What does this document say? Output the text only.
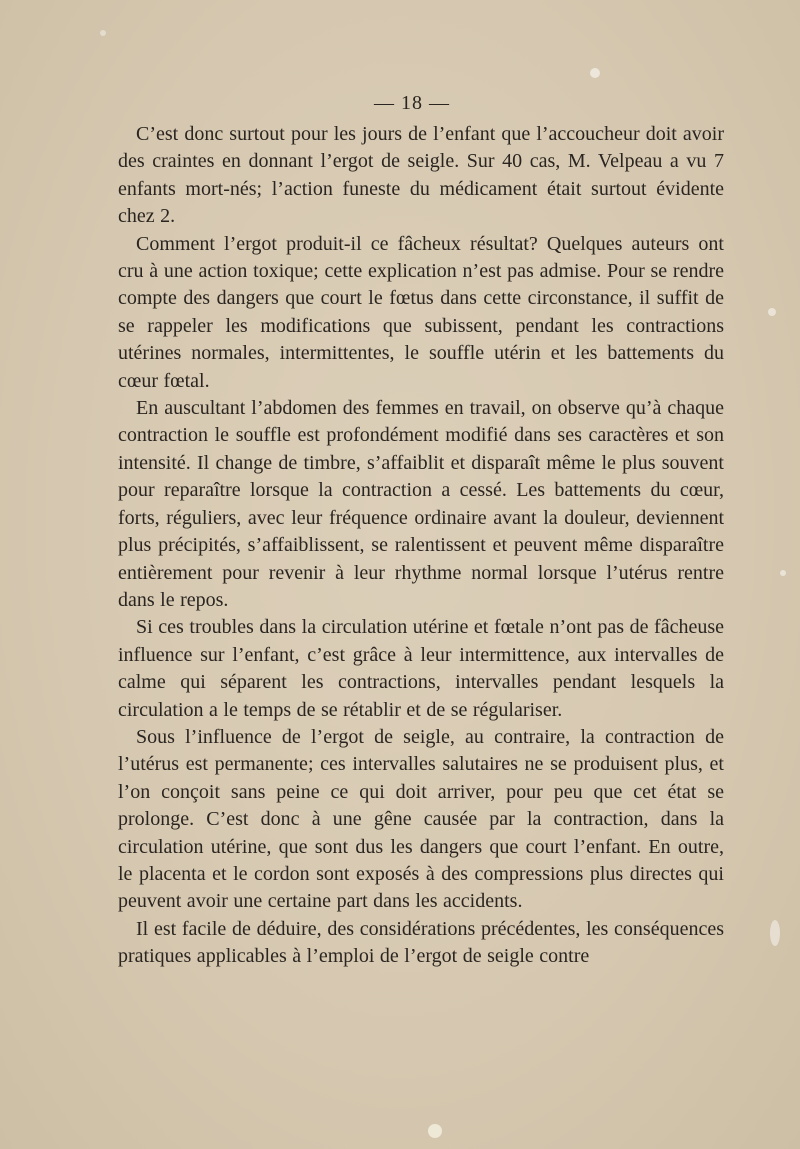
— 18 —

C’est donc surtout pour les jours de l’enfant que l’accoucheur doit avoir des craintes en donnant l’ergot de seigle. Sur 40 cas, M. Velpeau a vu 7 enfants mort-nés; l’action funeste du médicament était surtout évidente chez 2.

Comment l’ergot produit-il ce fâcheux résultat? Quelques auteurs ont cru à une action toxique; cette explication n’est pas admise. Pour se rendre compte des dangers que court le fœtus dans cette circonstance, il suffit de se rappeler les modifications que subissent, pendant les contractions utérines normales, intermittentes, le souffle utérin et les battements du cœur fœtal.

En auscultant l’abdomen des femmes en travail, on observe qu’à chaque contraction le souffle est profondément modifié dans ses caractères et son intensité. Il change de timbre, s’affaiblit et disparaît même le plus souvent pour reparaître lorsque la contraction a cessé. Les battements du cœur, forts, réguliers, avec leur fréquence ordinaire avant la douleur, deviennent plus précipités, s’affaiblissent, se ralentissent et peuvent même disparaître entièrement pour revenir à leur rhythme normal lorsque l’utérus rentre dans le repos.

Si ces troubles dans la circulation utérine et fœtale n’ont pas de fâcheuse influence sur l’enfant, c’est grâce à leur intermittence, aux intervalles de calme qui séparent les contractions, intervalles pendant lesquels la circulation a le temps de se rétablir et de se régulariser.

Sous l’influence de l’ergot de seigle, au contraire, la contraction de l’utérus est permanente; ces intervalles salutaires ne se produisent plus, et l’on conçoit sans peine ce qui doit arriver, pour peu que cet état se prolonge. C’est donc à une gêne causée par la contraction, dans la circulation utérine, que sont dus les dangers que court l’enfant. En outre, le placenta et le cordon sont exposés à des compressions plus directes qui peuvent avoir une certaine part dans les accidents.

Il est facile de déduire, des considérations précédentes, les conséquences pratiques applicables à l’emploi de l’ergot de seigle contre
